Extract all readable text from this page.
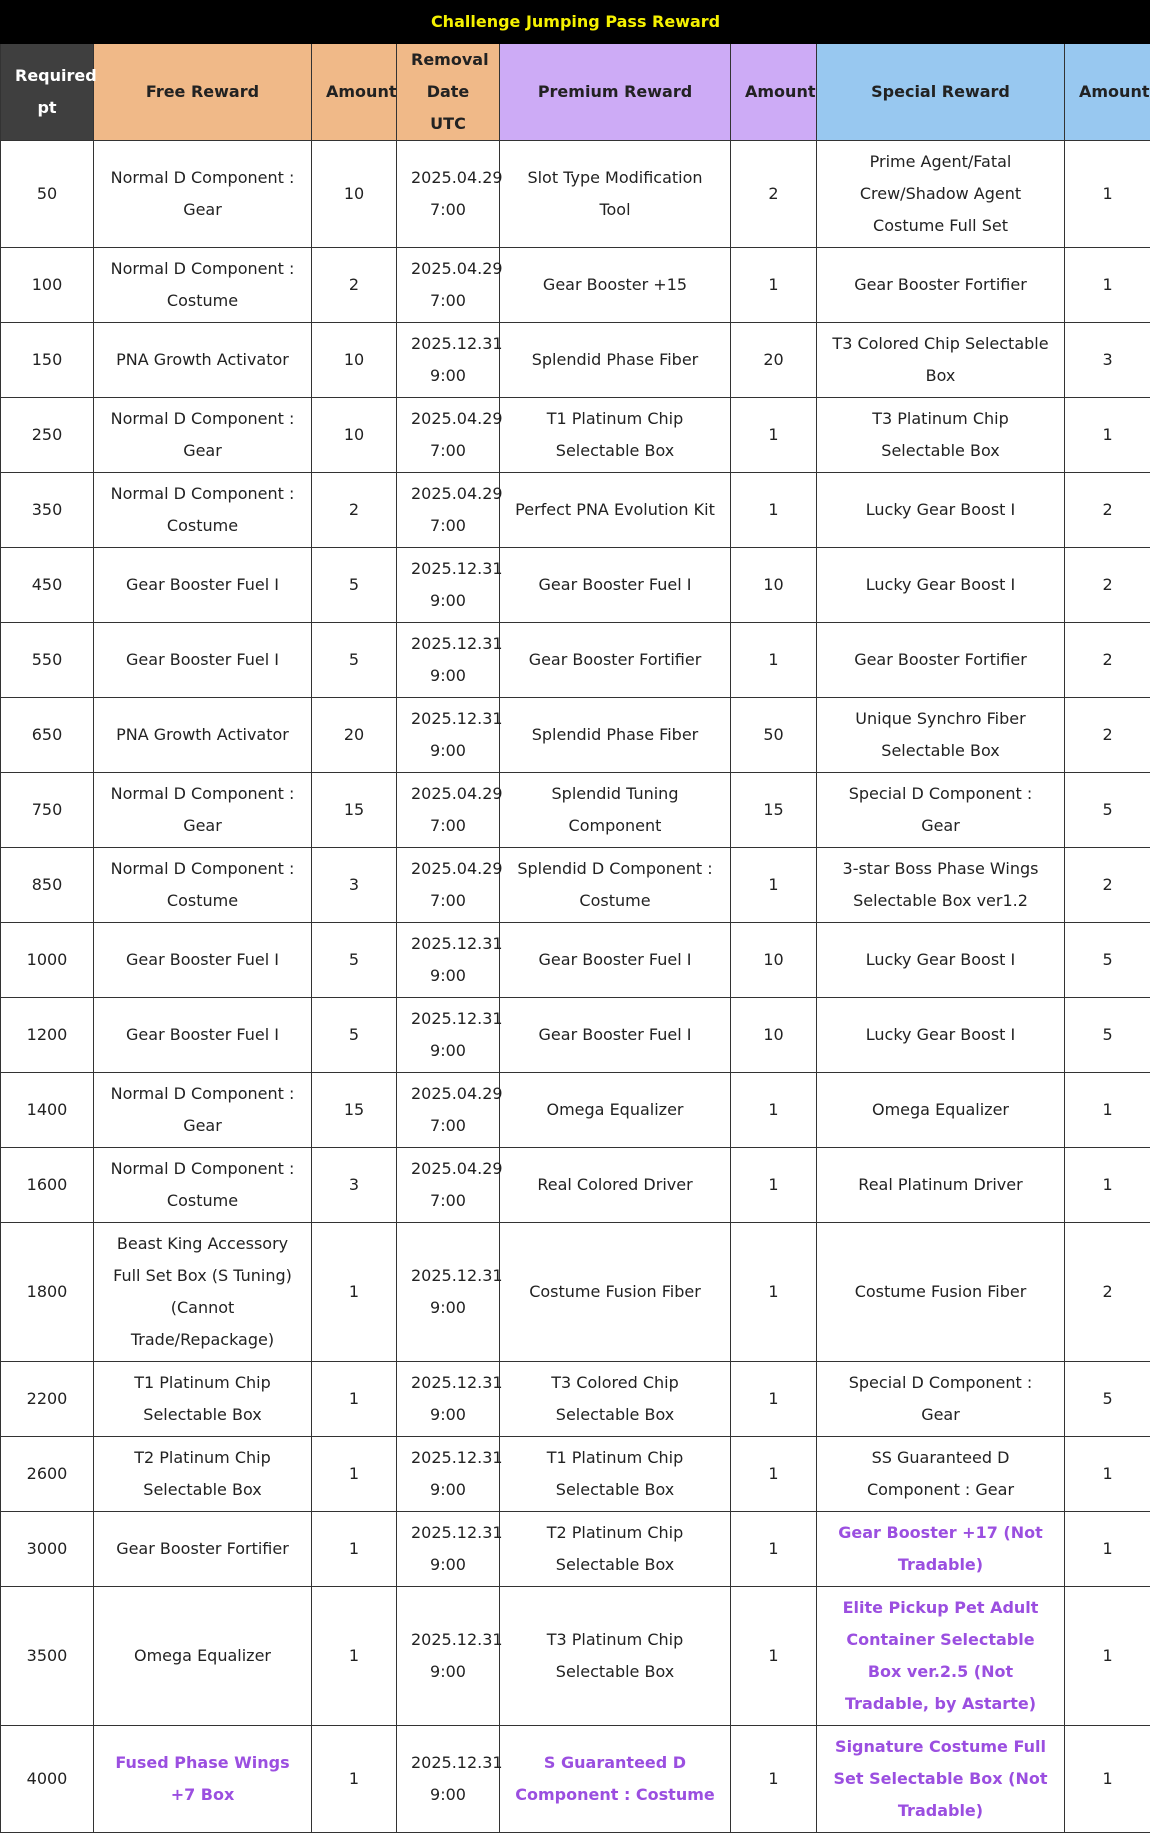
Challenge Jumping Pass Reward							
Required pt	Free Reward	Amount	Removal Date UTC	Premium Reward	Amount	Special Reward	Amount
50	Normal D Component : Gear	10	2025.04.29 7:00	Slot Type Modification Tool	2	Prime Agent/Fatal Crew/Shadow Agent Costume Full Set	1
100	Normal D Component : Costume	2	2025.04.29 7:00	Gear Booster +15	1	Gear Booster Fortifier	1
150	PNA Growth Activator	10	2025.12.31 9:00	Splendid Phase Fiber	20	T3 Colored Chip Selectable Box	3
250	Normal D Component : Gear	10	2025.04.29 7:00	T1 Platinum Chip Selectable Box	1	T3 Platinum Chip Selectable Box	1
350	Normal D Component : Costume	2	2025.04.29 7:00	Perfect PNA Evolution Kit	1	Lucky Gear Boost I	2
450	Gear Booster Fuel I	5	2025.12.31 9:00	Gear Booster Fuel I	10	Lucky Gear Boost I	2
550	Gear Booster Fuel I	5	2025.12.31 9:00	Gear Booster Fortifier	1	Gear Booster Fortifier	2
650	PNA Growth Activator	20	2025.12.31 9:00	Splendid Phase Fiber	50	Unique Synchro Fiber Selectable Box	2
750	Normal D Component : Gear	15	2025.04.29 7:00	Splendid Tuning Component	15	Special D Component : Gear	5
850	Normal D Component : Costume	3	2025.04.29 7:00	Splendid D Component : Costume	1	3-star Boss Phase Wings Selectable Box ver1.2	2
1000	Gear Booster Fuel I	5	2025.12.31 9:00	Gear Booster Fuel I	10	Lucky Gear Boost I	5
1200	Gear Booster Fuel I	5	2025.12.31 9:00	Gear Booster Fuel I	10	Lucky Gear Boost I	5
1400	Normal D Component : Gear	15	2025.04.29 7:00	Omega Equalizer	1	Omega Equalizer	1
1600	Normal D Component : Costume	3	2025.04.29 7:00	Real Colored Driver	1	Real Platinum Driver	1
1800	Beast King Accessory Full Set Box (S Tuning) (Cannot Trade/Repackage)	1	2025.12.31 9:00	Costume Fusion Fiber	1	Costume Fusion Fiber	2
2200	T1 Platinum Chip Selectable Box	1	2025.12.31 9:00	T3 Colored Chip Selectable Box	1	Special D Component : Gear	5
2600	T2 Platinum Chip Selectable Box	1	2025.12.31 9:00	T1 Platinum Chip Selectable Box	1	SS Guaranteed D Component : Gear	1
3000	Gear Booster Fortifier	1	2025.12.31 9:00	T2 Platinum Chip Selectable Box	1	Gear Booster +17 (Not Tradable)	1
3500	Omega Equalizer	1	2025.12.31 9:00	T3 Platinum Chip Selectable Box	1	Elite Pickup Pet Adult Container Selectable Box ver.2.5 (Not Tradable, by Astarte)	1
4000	Fused Phase Wings +7 Box	1	2025.12.31 9:00	S Guaranteed D Component : Costume	1	Signature Costume Full Set Selectable Box (Not Tradable)	1
